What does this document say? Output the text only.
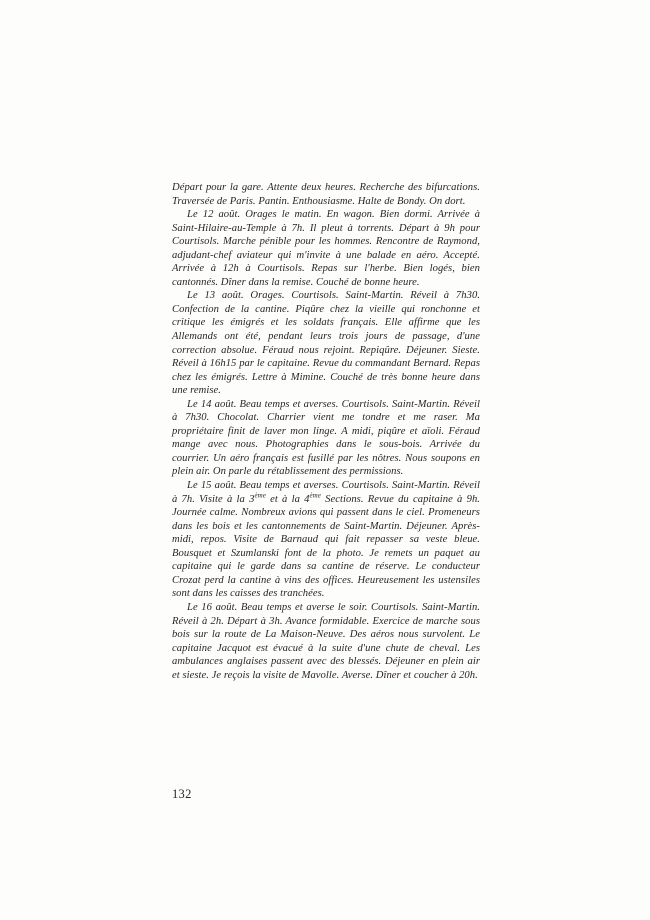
Départ pour la gare. Attente deux heures. Recherche des bifurcations. Traversée de Paris. Pantin. Enthousiasme. Halte de Bondy. On dort.

Le 12 août. Orages le matin. En wagon. Bien dormi. Arrivée à Saint-Hilaire-au-Temple à 7h. Il pleut à torrents. Départ à 9h pour Courtisols. Marche pénible pour les hommes. Rencontre de Raymond, adjudant-chef aviateur qui m'invite à une balade en aéro. Accepté. Arrivée à 12h à Courtisols. Repas sur l'herbe. Bien logés, bien cantonnés. Dîner dans la remise. Couché de bonne heure.

Le 13 août. Orages. Courtisols. Saint-Martin. Réveil à 7h30. Confection de la cantine. Piqûre chez la vieille qui ronchonne et critique les émigrés et les soldats français. Elle affirme que les Allemands ont été, pendant leurs trois jours de passage, d'une correction absolue. Féraud nous rejoint. Repiqûre. Déjeuner. Sieste. Réveil à 16h15 par le capitaine. Revue du commandant Bernard. Repas chez les émigrés. Lettre à Mimine. Couché de très bonne heure dans une remise.

Le 14 août. Beau temps et averses. Courtisols. Saint-Martin. Réveil à 7h30. Chocolat. Charrier vient me tondre et me raser. Ma propriétaire finit de laver mon linge. A midi, piqûre et aïoli. Féraud mange avec nous. Photographies dans le sous-bois. Arrivée du courrier. Un aéro français est fusillé par les nôtres. Nous soupons en plein air. On parle du rétablissement des permissions.

Le 15 août. Beau temps et averses. Courtisols. Saint-Martin. Réveil à 7h. Visite à la 3ème et à la 4ème Sections. Revue du capitaine à 9h. Journée calme. Nombreux avions qui passent dans le ciel. Promeneurs dans les bois et les cantonnements de Saint-Martin. Déjeuner. Après-midi, repos. Visite de Barnaud qui fait repasser sa veste bleue. Bousquet et Szumlanski font de la photo. Je remets un paquet au capitaine qui le garde dans sa cantine de réserve. Le conducteur Crozat perd la cantine à vins des offices. Heureusement les ustensiles sont dans les caisses des tranchées.

Le 16 août. Beau temps et averse le soir. Courtisols. Saint-Martin. Réveil à 2h. Départ à 3h. Avance formidable. Exercice de marche sous bois sur la route de La Maison-Neuve. Des aéros nous survolent. Le capitaine Jacquot est évacué à la suite d'une chute de cheval. Les ambulances anglaises passent avec des blessés. Déjeuner en plein air et sieste. Je reçois la visite de Mavolle. Averse. Dîner et coucher à 20h.

132
